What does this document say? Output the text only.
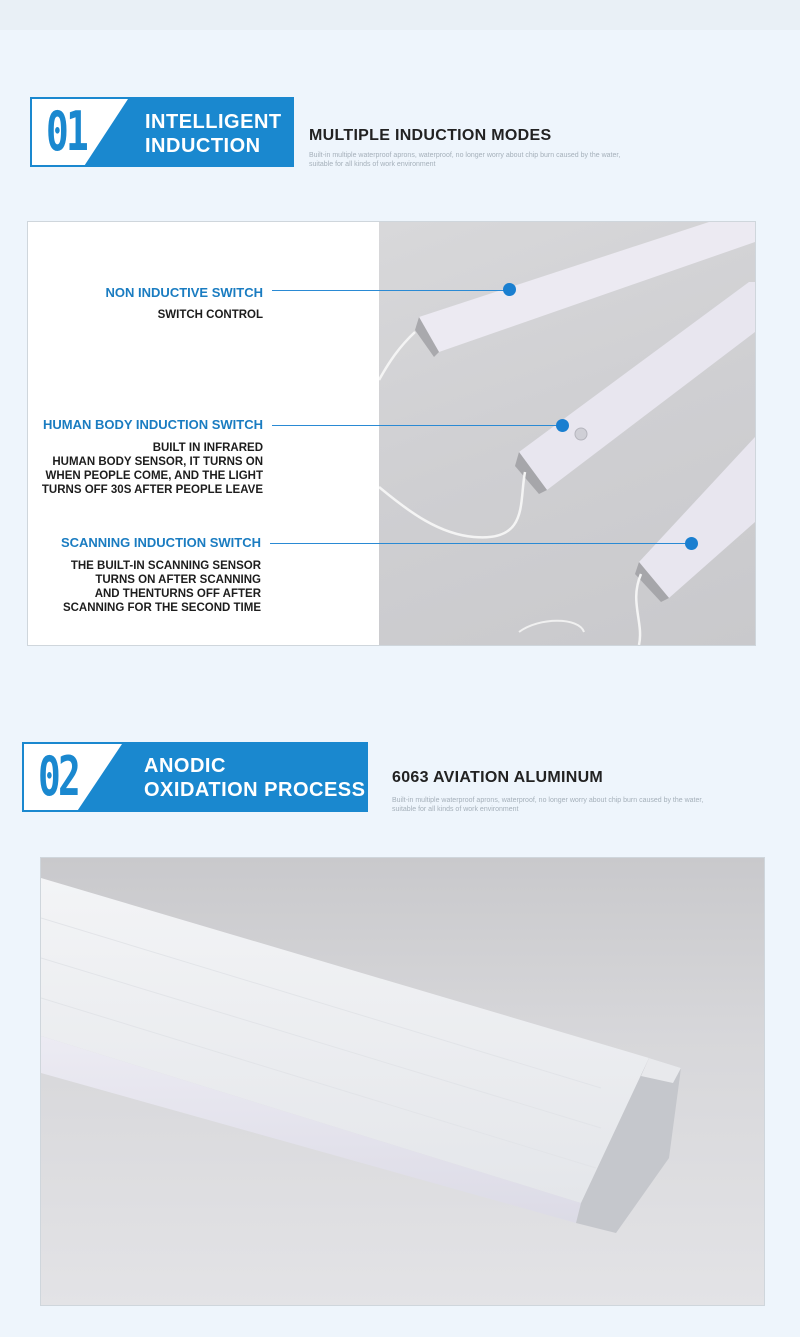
01	INTELLIGENT
INDUCTION	MULTIPLE INDUCTION MODES
Built-in multiple waterproof aprons, waterproof, no longer worry about chip burn caused by the water,
suitable for all kinds of work environment
NON INDUCTIVE SWITCH
SWITCH CONTROL
HUMAN BODY INDUCTION SWITCH
BUILT IN INFRARED
HUMAN BODY SENSOR, IT TURNS ON
WHEN PEOPLE COME, AND THE LIGHT
TURNS OFF 30S AFTER PEOPLE LEAVE
SCANNING INDUCTION SWITCH
THE BUILT-IN SCANNING SENSOR
TURNS ON AFTER SCANNING
AND THENTURNS OFF AFTER
SCANNING FOR THE SECOND TIME
02	ANODIC
OXIDATION PROCESS
6063 AVIATION ALUMINUM
Built-in multiple waterproof aprons, waterproof, no longer worry about chip burn caused by the water,
suitable for all kinds of work environment
